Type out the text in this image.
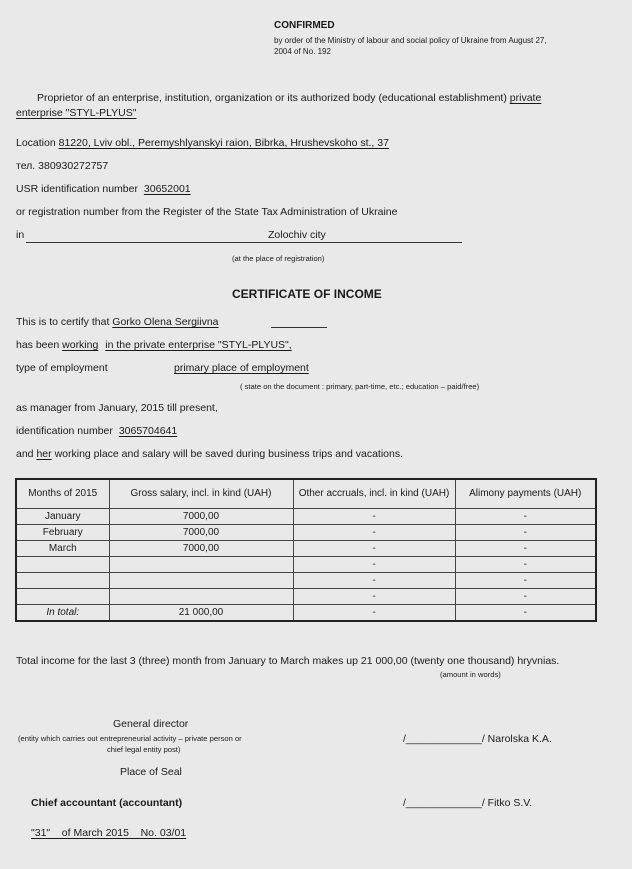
CONFIRMED
by order of the Ministry of labour and social policy of Ukraine from August 27,
2004 of No. 192
Proprietor of an enterprise, institution, organization or its authorized body (educational establishment) private
enterprise "STYL-PLYUS"
Location 81220, Lviv obl., Peremyshlyanskyi raion, Bibrka, Hrushevskoho st., 37
тел. 380930272757
USR identification number 30652001
or registration number from the Register of the State Tax Administration of Ukraine
in	Zolochiv city
(at the place of registration)
CERTIFICATE OF INCOME
This is to certify that Gorko Olena Sergiivna
has been working in the private enterprise "STYL-PLYUS",
type of employment	primary place of employment
( state on the document : primary, part-time, etc.; education – paid/free)
as manager from January, 2015 till present,
identification number 3065704641
and her working place and salary will be saved during business trips and vacations.
Months of 2015	Gross salary, incl. in kind (UAH)	Other accruals, incl. in kind (UAH)	Alimony payments (UAH)
January	7000,00	-	-
February	7000,00	-	-
March	7000,00	-	-
		-	-
		-	-
		-	-
In total:	21 000,00	-	-
Total income for the last 3 (three) month from January to March makes up 21 000,00 (twenty one thousand) hryvnias.
(amount in words)
General director
(entity which carries out entrepreneurial activity – private person or
chief legal entity post)
/_____________/ Narolska K.A.
Place of Seal
Chief accountant (accountant)	/_____________/ Fitko S.V.
"31"    of March 2015    No. 03/01
